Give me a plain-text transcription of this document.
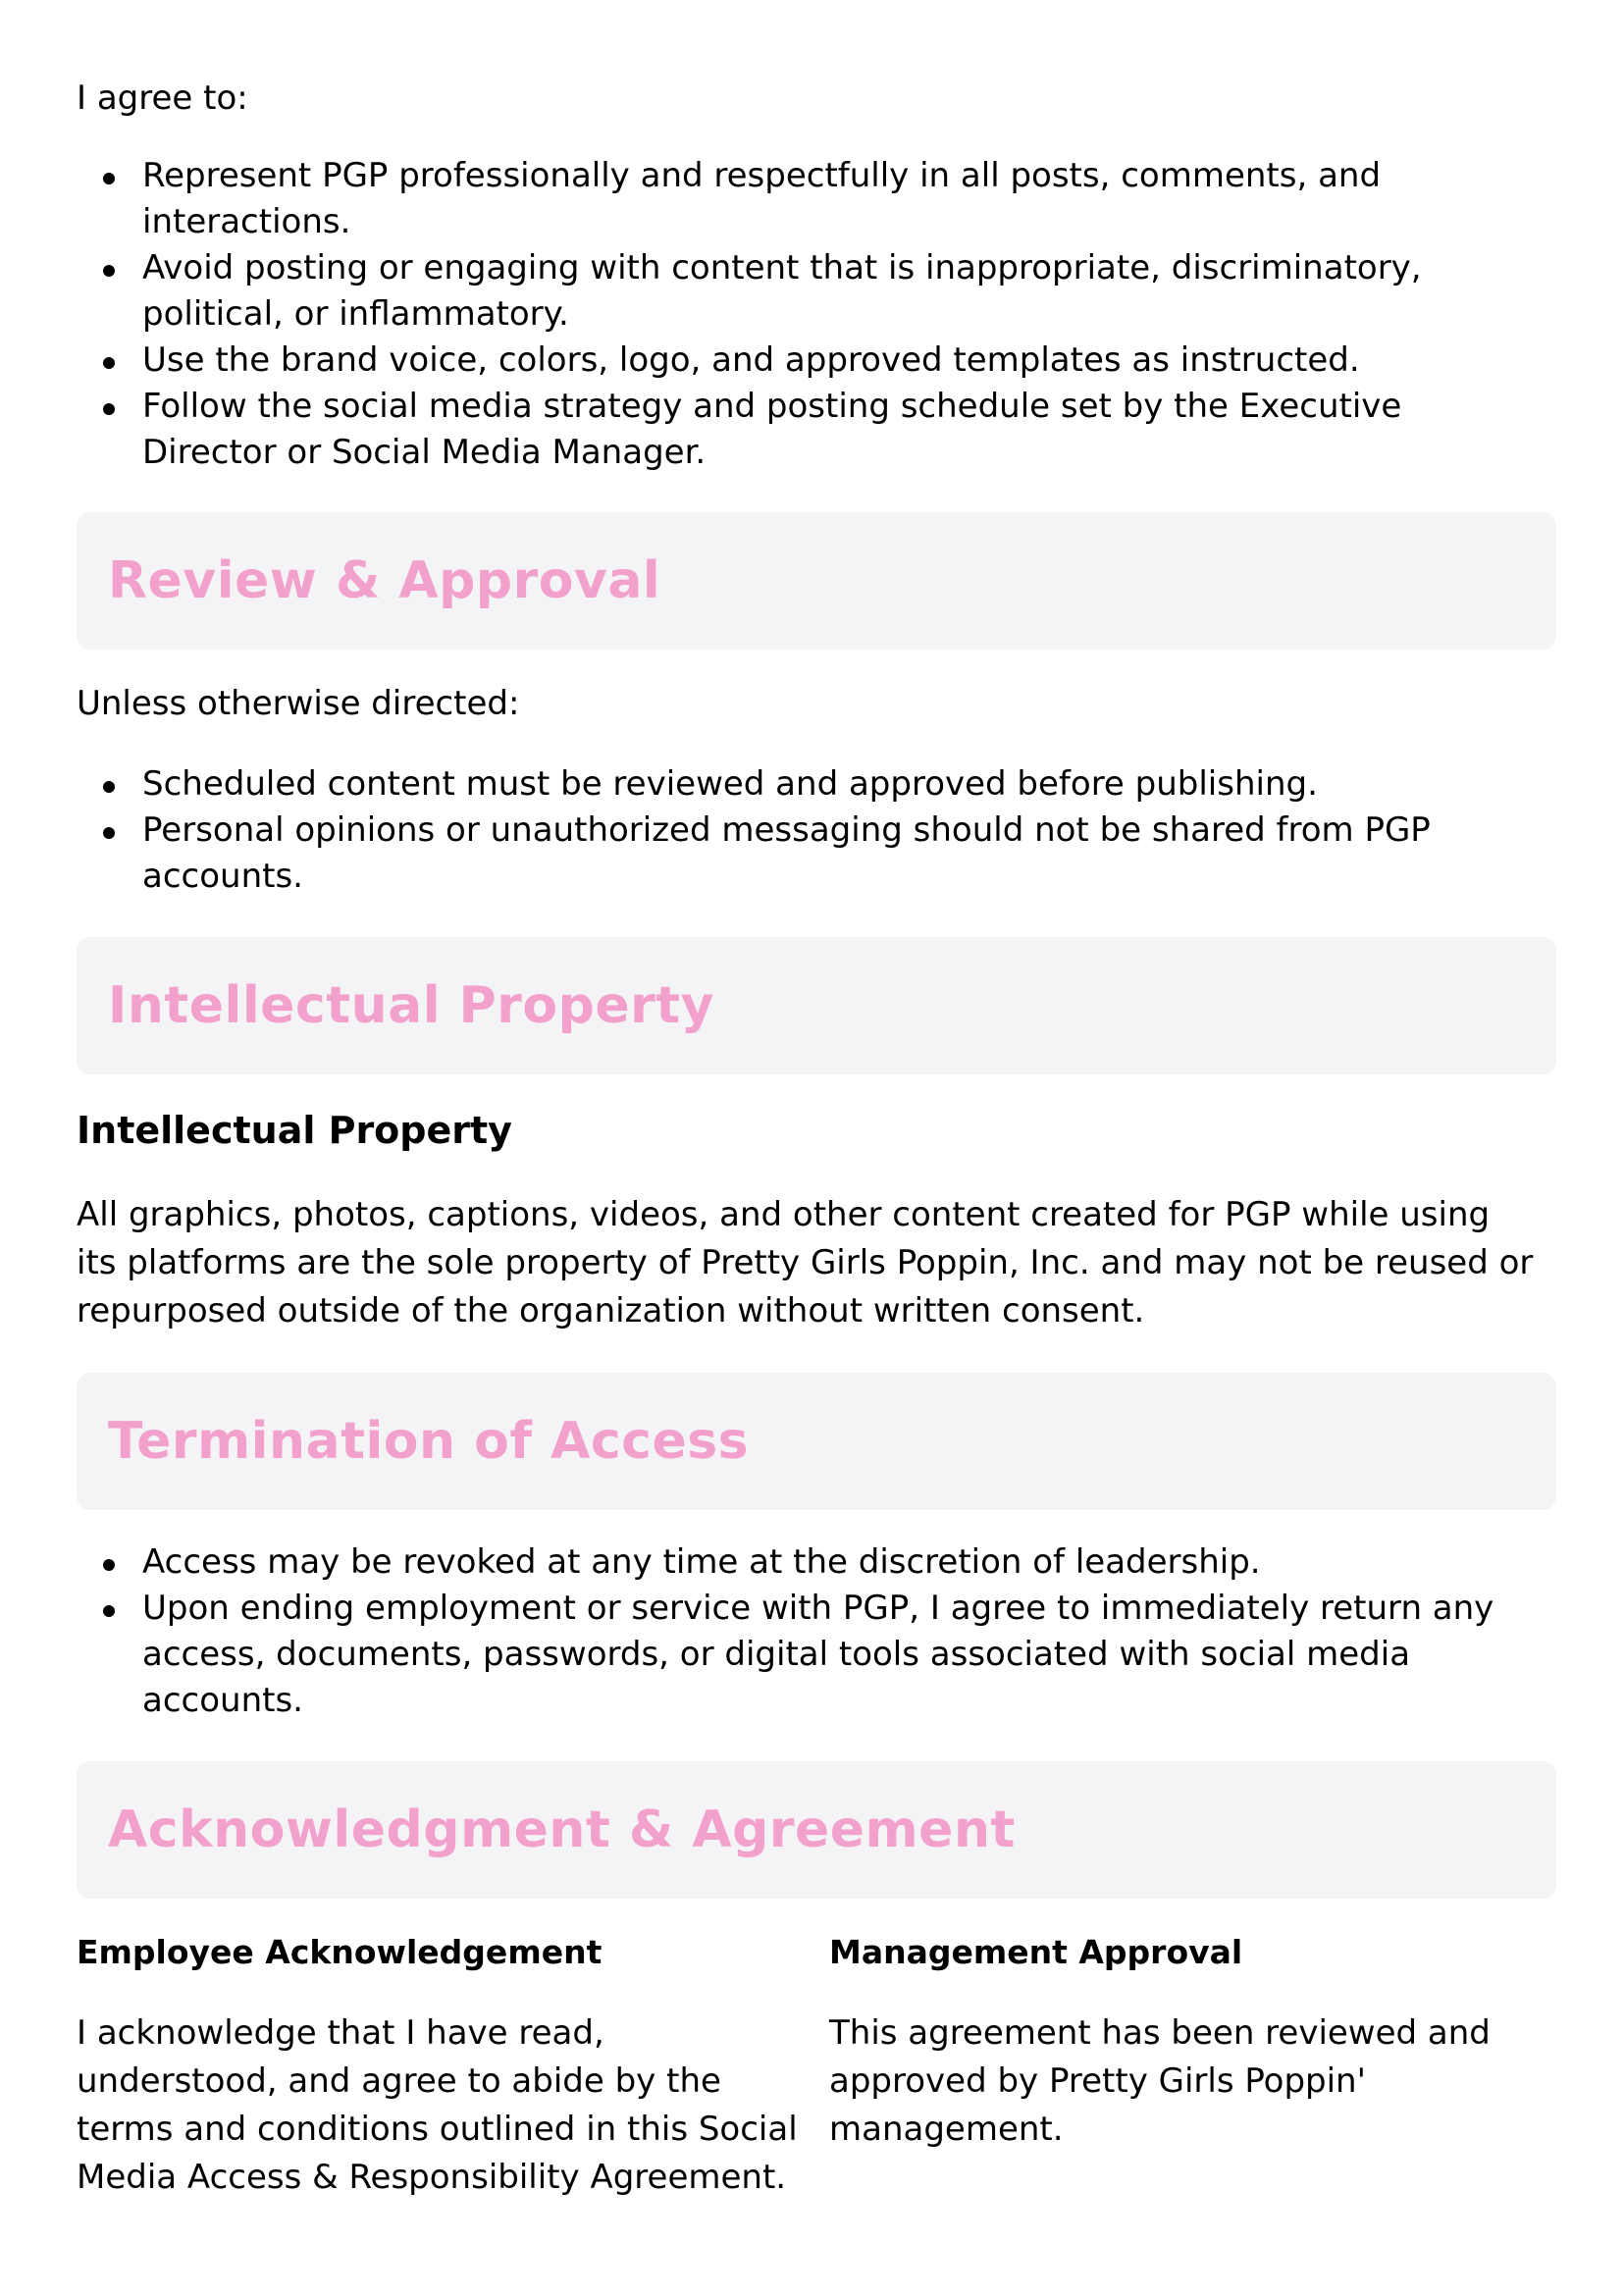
I agree to:

Represent PGP professionally and respectfully in all posts, comments, and interactions.
Avoid posting or engaging with content that is inappropriate, discriminatory, political, or inflammatory.
Use the brand voice, colors, logo, and approved templates as instructed.
Follow the social media strategy and posting schedule set by the Executive Director or Social Media Manager.
Review & Approval

Unless otherwise directed:

Scheduled content must be reviewed and approved before publishing.
Personal opinions or unauthorized messaging should not be shared from PGP accounts.
Intellectual Property

Intellectual Property

All graphics, photos, captions, videos, and other content created for PGP while using its platforms are the sole property of Pretty Girls Poppin, Inc. and may not be reused or repurposed outside of the organization without written consent.

Termination of Access
Access may be revoked at any time at the discretion of leadership.
Upon ending employment or service with PGP, I agree to immediately return any access, documents, passwords, or digital tools associated with social media accounts.
Acknowledgment & Agreement
Employee Acknowledgement

I acknowledge that I have read, understood, and agree to abide by the terms and conditions outlined in this Social Media Access & Responsibility Agreement.

Management Approval

This agreement has been reviewed and approved by Pretty Girls Poppin' management.
